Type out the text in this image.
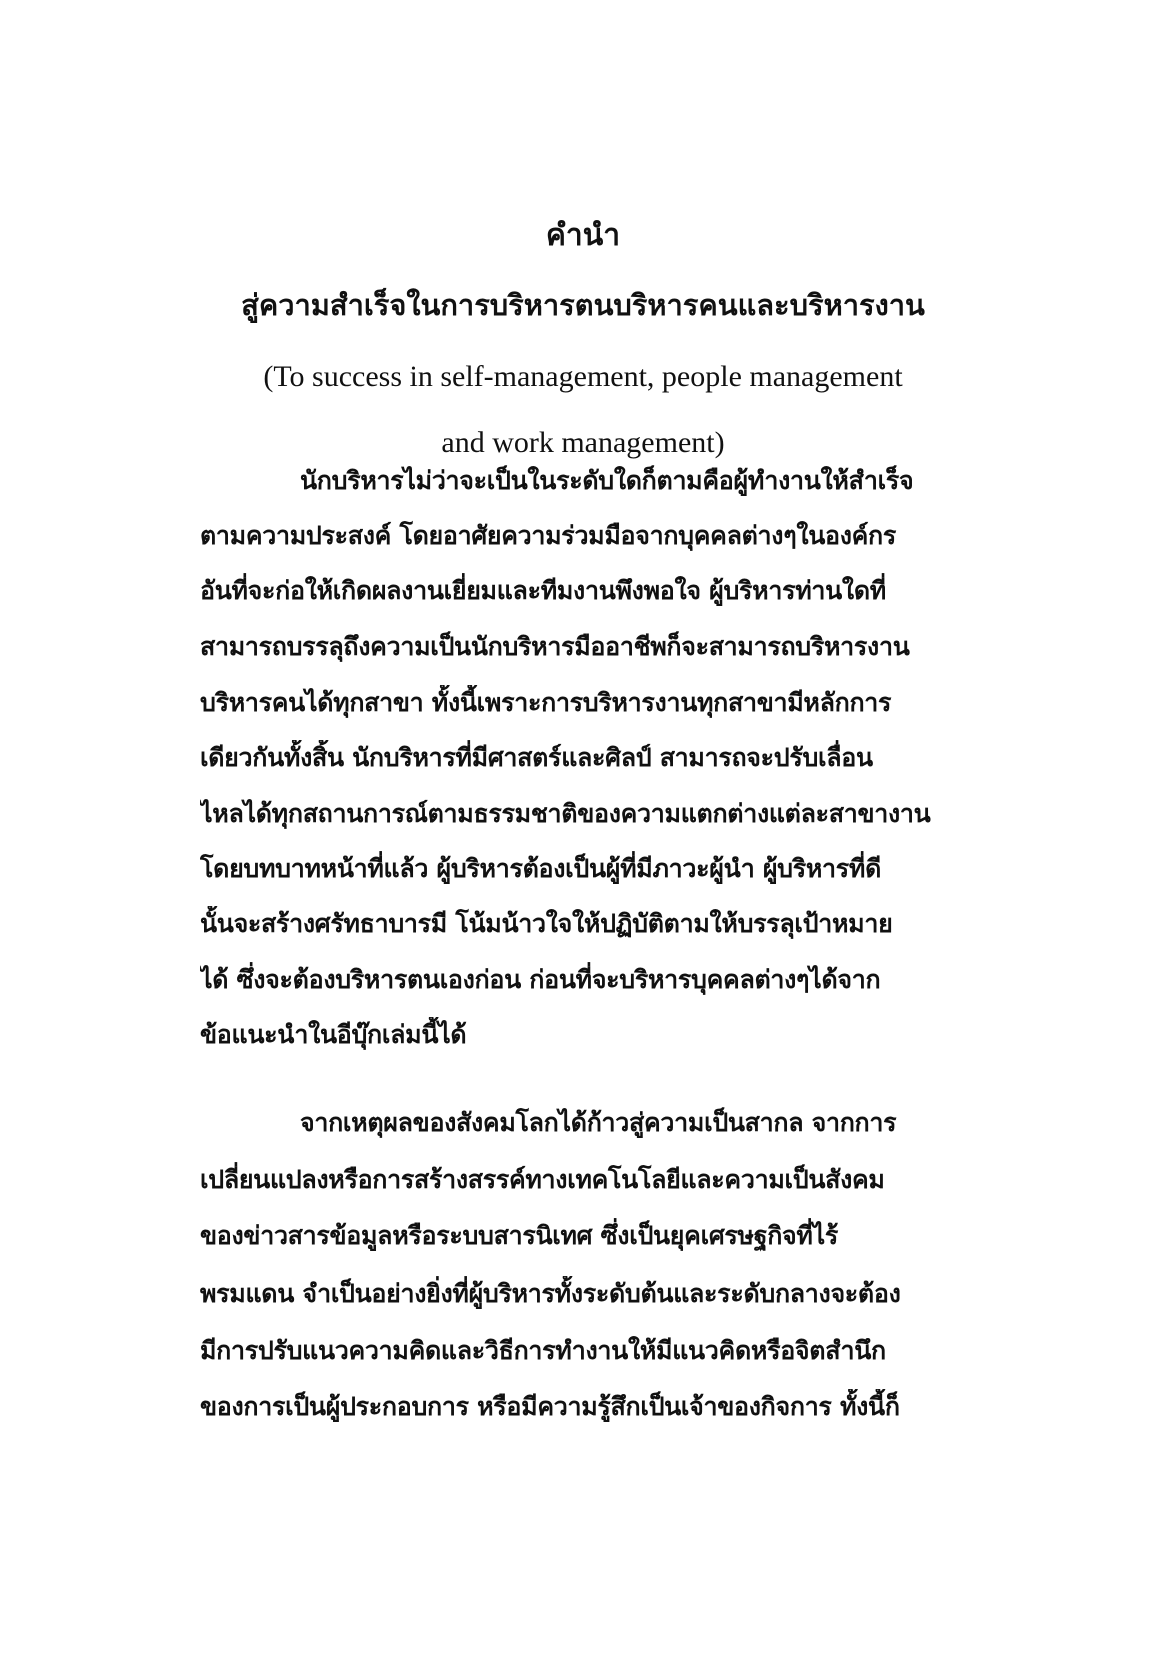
คำนำ
สู่ความสำเร็จในการบริหารตนบริหารคนและบริหารงาน
(To success in self-management, people management
and work management)
นักบริหารไม่ว่าจะเป็นในระดับใดก็ตามคือผู้ทำงานให้สำเร็จ
ตามความประสงค์ โดยอาศัยความร่วมมือจากบุคคลต่างๆในองค์กร
อันที่จะก่อให้เกิดผลงานเยี่ยมและทีมงานพึงพอใจ ผู้บริหารท่านใดที่
สามารถบรรลุถึงความเป็นนักบริหารมืออาชีพก็จะสามารถบริหารงาน
บริหารคนได้ทุกสาขา ทั้งนี้เพราะการบริหารงานทุกสาขามีหลักการ
เดียวกันทั้งสิ้น นักบริหารที่มีศาสตร์และศิลป์ สามารถจะปรับเลื่อน
ไหลได้ทุกสถานการณ์ตามธรรมชาติของความแตกต่างแต่ละสาขางาน
โดยบทบาทหน้าที่แล้ว ผู้บริหารต้องเป็นผู้ที่มีภาวะผู้นำ ผู้บริหารที่ดี
นั้นจะสร้างศรัทธาบารมี โน้มน้าวใจให้ปฏิบัติตามให้บรรลุเป้าหมาย
ได้ ซึ่งจะต้องบริหารตนเองก่อน ก่อนที่จะบริหารบุคคลต่างๆได้จาก
ข้อแนะนำในอีบุ๊กเล่มนี้ได้
จากเหตุผลของสังคมโลกได้ก้าวสู่ความเป็นสากล จากการ
เปลี่ยนแปลงหรือการสร้างสรรค์ทางเทคโนโลยีและความเป็นสังคม
ของข่าวสารข้อมูลหรือระบบสารนิเทศ ซึ่งเป็นยุคเศรษฐกิจที่ไร้
พรมแดน จำเป็นอย่างยิ่งที่ผู้บริหารทั้งระดับต้นและระดับกลางจะต้อง
มีการปรับแนวความคิดและวิธีการทำงานให้มีแนวคิดหรือจิตสำนึก
ของการเป็นผู้ประกอบการ หรือมีความรู้สึกเป็นเจ้าของกิจการ ทั้งนี้ก็
